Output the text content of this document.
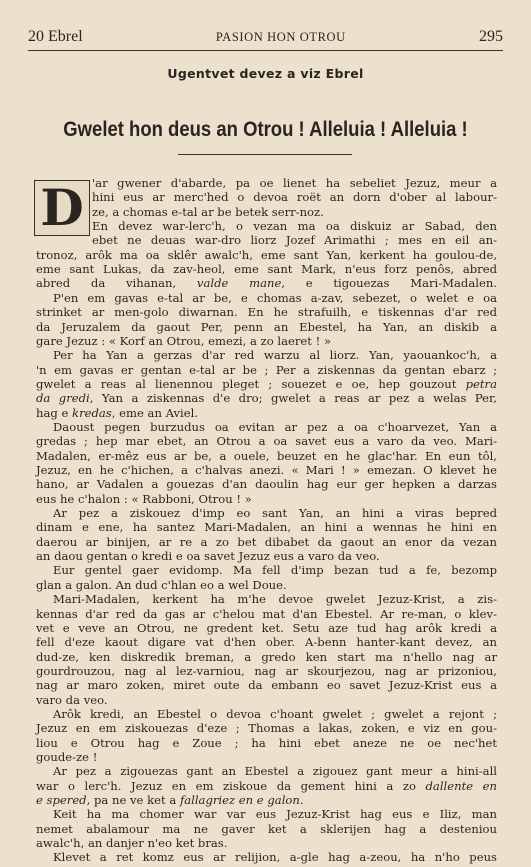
20 Ebrel	PASION HON OTROU	295
Ugentvet devez a viz Ebrel
Gwelet hon deus an Otrou ! Alleluia ! Alleluia !
D 'ar gwener d'abarde, pa oe lienet ha sebeliet Jezuz, meur a
hini eus ar merc'hed o devoa roët an dorn d'ober al labour-
ze, a chomas e-tal ar be betek serr-noz.
En devez war-lerc'h, o vezan ma oa diskuiz ar Sabad, den
ebet ne deuas war-dro liorz Jozef Arimathi ; mes en eil an-
tronoz, arôk ma oa sklêr awalc'h, eme sant Yan, kerkent ha goulou-de,
eme sant Lukas, da zav-heol, eme sant Mark, n'eus forz penôs, abred
abred da vihanan, valde mane, e tigouezas Mari-Madalen.
P'en em gavas e-tal ar be, e chomas a-zav, sebezet, o welet e oa
strinket ar men-golo diwarnan. En he strafuilh, e tiskennas d'ar red
da Jeruzalem da gaout Per, penn an Ebestel, ha Yan, an diskib a
gare Jezuz : « Korf an Otrou, emezi, a zo laeret ! »
Per ha Yan a gerzas d'ar red warzu al liorz. Yan, yaouankoc'h, a
'n em gavas er gentan e-tal ar be ; Per a ziskennas da gentan ebarz ;
gwelet a reas al lienennou pleget ; souezet e oe, hep gouzout petra
da gredi, Yan a ziskennas d'e dro; gwelet a reas ar pez a welas Per,
hag e kredas, eme an Aviel.
Daoust pegen burzudus oa evitan ar pez a oa c'hoarvezet, Yan a
gredas ; hep mar ebet, an Otrou a oa savet eus a varo da veo. Mari-
Madalen, er-mêz eus ar be, a ouele, beuzet en he glac'har. En eun tôl,
Jezuz, en he c'hichen, a c'halvas anezi. « Mari ! » emezan. O klevet he
hano, ar Vadalen a gouezas d'an daoulin hag eur ger hepken a darzas
eus he c'halon : « Rabboni, Otrou ! »
Ar pez a ziskouez d'imp eo sant Yan, an hini a viras bepred
dinam e ene, ha santez Mari-Madalen, an hini a wennas he hini en
daerou ar binijen, ar re a zo bet dibabet da gaout an enor da vezan
an daou gentan o kredi e oa savet Jezuz eus a varo da veo.
Eur gentel gaer evidomp. Ma fell d'imp bezan tud a fe, bezomp
glan a galon. An dud c'hlan eo a wel Doue.
Mari-Madalen, kerkent ha m'he devoe gwelet Jezuz-Krist, a zis-
kennas d'ar red da gas ar c'helou mat d'an Ebestel. Ar re-man, o klev-
vet e veve an Otrou, ne gredent ket. Setu aze tud hag arôk kredi a
fell d'eze kaout digare vat d'hen ober. A-benn hanter-kant devez, an
dud-ze, ken diskredik breman, a gredo ken start ma n'hello nag ar
gourdrouzou, nag al lez-varniou, nag ar skourjezou, nag ar prizoniou,
nag ar maro zoken, miret oute da embann eo savet Jezuz-Krist eus a
varo da veo.
Arôk kredi, an Ebestel o devoa c'hoant gwelet ; gwelet a rejont ;
Jezuz en em ziskouezas d'eze ; Thomas a lakas, zoken, e viz en gou-
liou e Otrou hag e Zoue ; ha hini ebet aneze ne oe nec'het
goude-ze !
Ar pez a zigouezas gant an Ebestel a zigouez gant meur a hini-all
war o lerc'h. Jezuz en em ziskoue da gement hini a zo dallente en
e spered, pa ne ve ket a fallagriez en e galon.
Keit ha ma chomer war var eus Jezuz-Krist hag eus e Iliz, man
nemet abalamour ma ne gaver ket a sklerijen hag a desteniou
awalc'h, an danjer n'eo ket bras.
Klevet a ret komz eus ar relijion, a-gle hag a-zeou, ha n'ho peus
